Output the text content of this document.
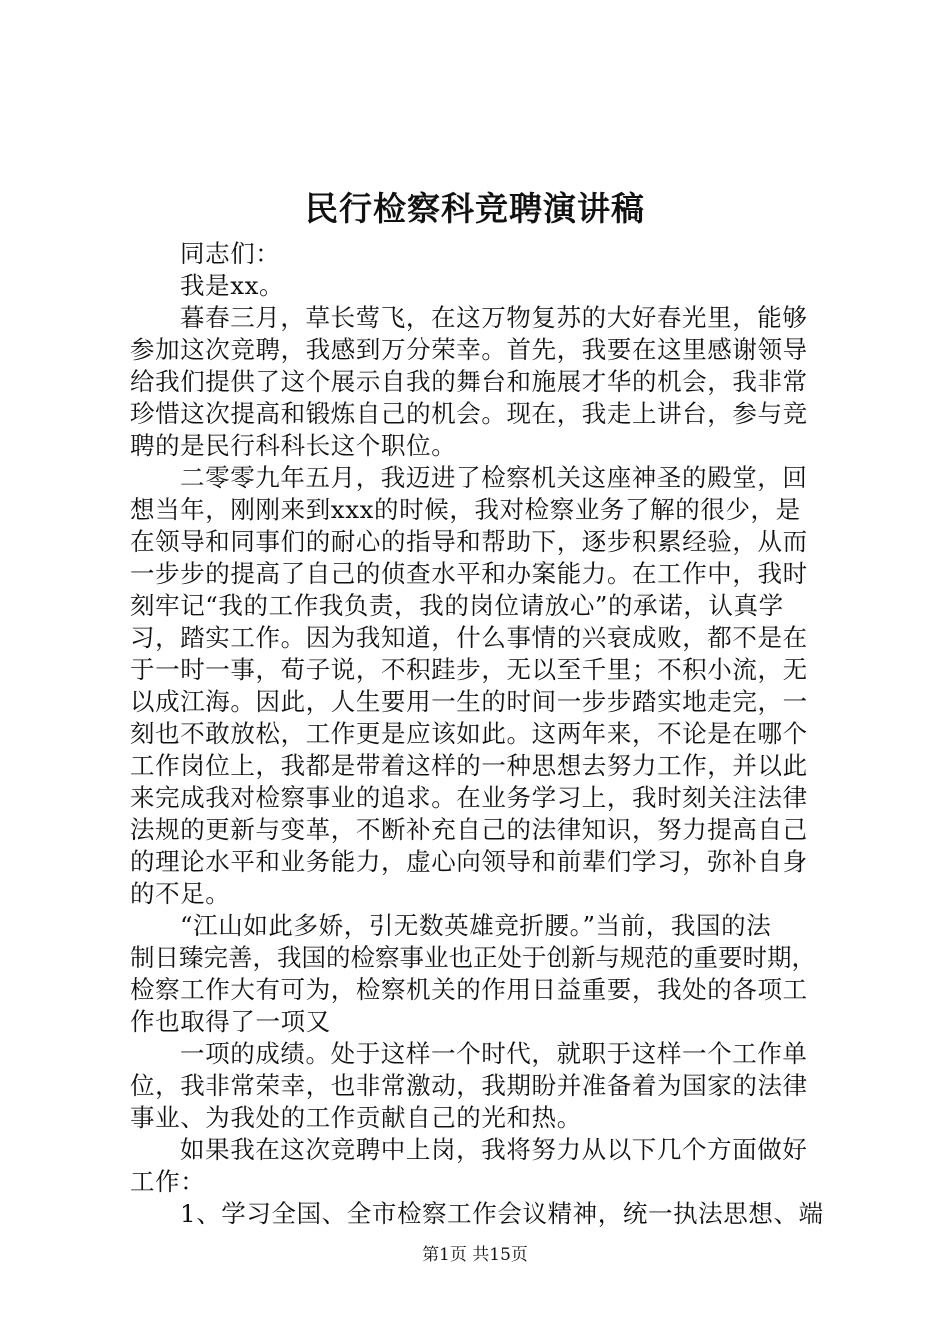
民行检察科竞聘演讲稿
同志们：
我是xx。
暮春三月，草长莺飞，在这万物复苏的大好春光里，能够
参加这次竞聘，我感到万分荣幸。首先，我要在这里感谢领导
给我们提供了这个展示自我的舞台和施展才华的机会，我非常
珍惜这次提高和锻炼自己的机会。现在，我走上讲台，参与竞
聘的是民行科科长这个职位。
二零零九年五月，我迈进了检察机关这座神圣的殿堂，回
想当年，刚刚来到xxx的时候，我对检察业务了解的很少，是
在领导和同事们的耐心的指导和帮助下，逐步积累经验，从而
一步步的提高了自己的侦查水平和办案能力。在工作中，我时
刻牢记“我的工作我负责，我的岗位请放心”的承诺，认真学
习，踏实工作。因为我知道，什么事情的兴衰成败，都不是在
于一时一事，荀子说，不积跬步，无以至千里；不积小流，无
以成江海。因此，人生要用一生的时间一步步踏实地走完，一
刻也不敢放松，工作更是应该如此。这两年来，不论是在哪个
工作岗位上，我都是带着这样的一种思想去努力工作，并以此
来完成我对检察事业的追求。在业务学习上，我时刻关注法律
法规的更新与变革，不断补充自己的法律知识，努力提高自己
的理论水平和业务能力，虚心向领导和前辈们学习，弥补自身
的不足。
“江山如此多娇，引无数英雄竞折腰。”当前，我国的法
制日臻完善，我国的检察事业也正处于创新与规范的重要时期，
检察工作大有可为，检察机关的作用日益重要，我处的各项工
作也取得了一项又
一项的成绩。处于这样一个时代，就职于这样一个工作单
位，我非常荣幸，也非常激动，我期盼并准备着为国家的法律
事业、为我处的工作贡献自己的光和热。
如果我在这次竞聘中上岗，我将努力从以下几个方面做好
工作：
1、学习全国、全市检察工作会议精神，统一执法思想、端
第1页 共15页
